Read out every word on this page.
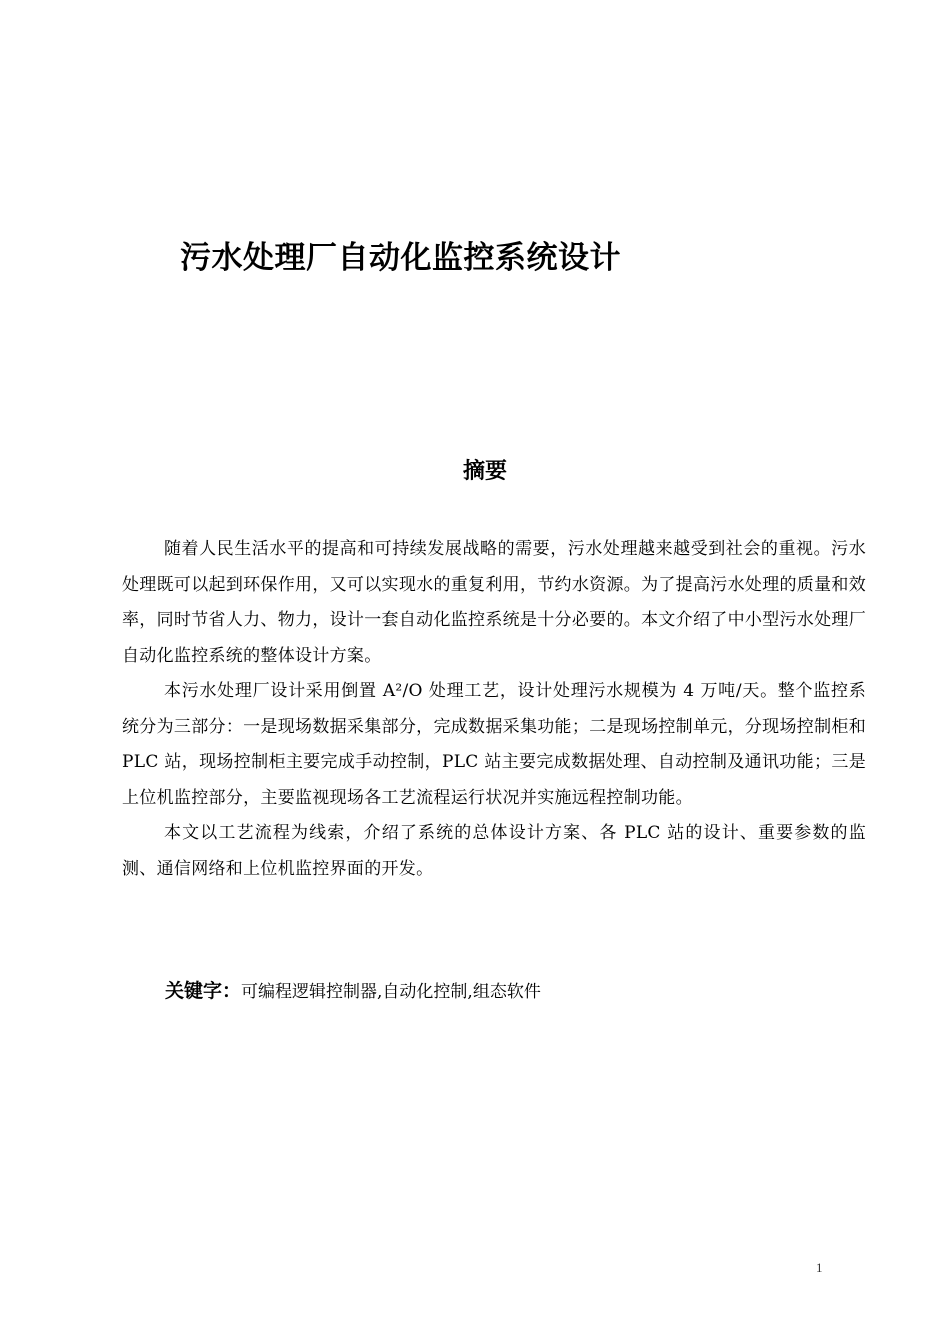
污水处理厂自动化监控系统设计
摘要

随着人民生活水平的提高和可持续发展战略的需要，污水处理越来越受到社会的重视。污水处理既可以起到环保作用，又可以实现水的重复利用，节约水资源。为了提高污水处理的质量和效率，同时节省人力、物力，设计一套自动化监控系统是十分必要的。本文介绍了中小型污水处理厂自动化监控系统的整体设计方案。

本污水处理厂设计采用倒置 A²/O 处理工艺，设计处理污水规模为 4 万吨/天。整个监控系统分为三部分：一是现场数据采集部分，完成数据采集功能；二是现场控制单元，分现场控制柜和 PLC 站，现场控制柜主要完成手动控制，PLC 站主要完成数据处理、自动控制及通讯功能；三是上位机监控部分，主要监视现场各工艺流程运行状况并实施远程控制功能。

本文以工艺流程为线索，介绍了系统的总体设计方案、各 PLC 站的设计、重要参数的监测、通信网络和上位机监控界面的开发。

关键字：可编程逻辑控制器,自动化控制,组态软件
1
